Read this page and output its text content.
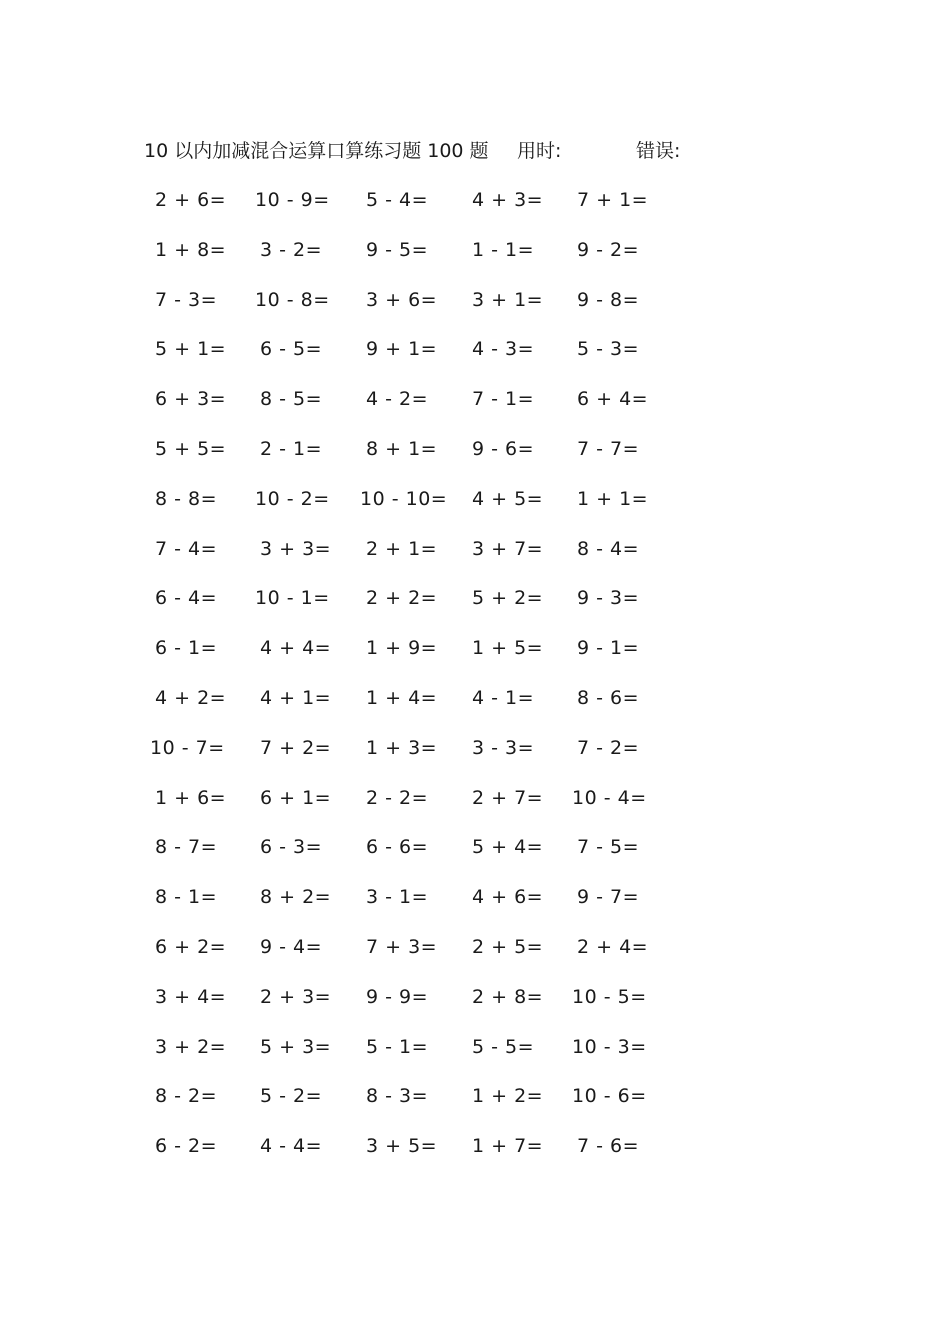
10 以内加减混合运算口算练习题 100 题 用时:	错误:
2 + 6= 10 - 9= 5 - 4= 4 + 3= 7 + 1=
1 + 8= 3 - 2= 9 - 5= 1 - 1= 9 - 2=
7 - 3= 10 - 8= 3 + 6= 3 + 1= 9 - 8=
5 + 1= 6 - 5= 9 + 1= 4 - 3= 5 - 3=
6 + 3= 8 - 5= 4 - 2= 7 - 1= 6 + 4=
5 + 5= 2 - 1= 8 + 1= 9 - 6= 7 - 7=
8 - 8= 10 - 2= 10 - 10= 4 + 5= 1 + 1=
7 - 4= 3 + 3= 2 + 1= 3 + 7= 8 - 4=
6 - 4= 10 - 1= 2 + 2= 5 + 2= 9 - 3=
6 - 1= 4 + 4= 1 + 9= 1 + 5= 9 - 1=
4 + 2= 4 + 1= 1 + 4= 4 - 1= 8 - 6=
10 - 7= 7 + 2= 1 + 3= 3 - 3= 7 - 2=
1 + 6= 6 + 1= 2 - 2= 2 + 7= 10 - 4=
8 - 7= 6 - 3= 6 - 6= 5 + 4= 7 - 5=
8 - 1= 8 + 2= 3 - 1= 4 + 6= 9 - 7=
6 + 2= 9 - 4= 7 + 3= 2 + 5= 2 + 4=
3 + 4= 2 + 3= 9 - 9= 2 + 8= 10 - 5=
3 + 2= 5 + 3= 5 - 1= 5 - 5= 10 - 3=
8 - 2= 5 - 2= 8 - 3= 1 + 2= 10 - 6=
6 - 2= 4 - 4= 3 + 5= 1 + 7= 7 - 6=
